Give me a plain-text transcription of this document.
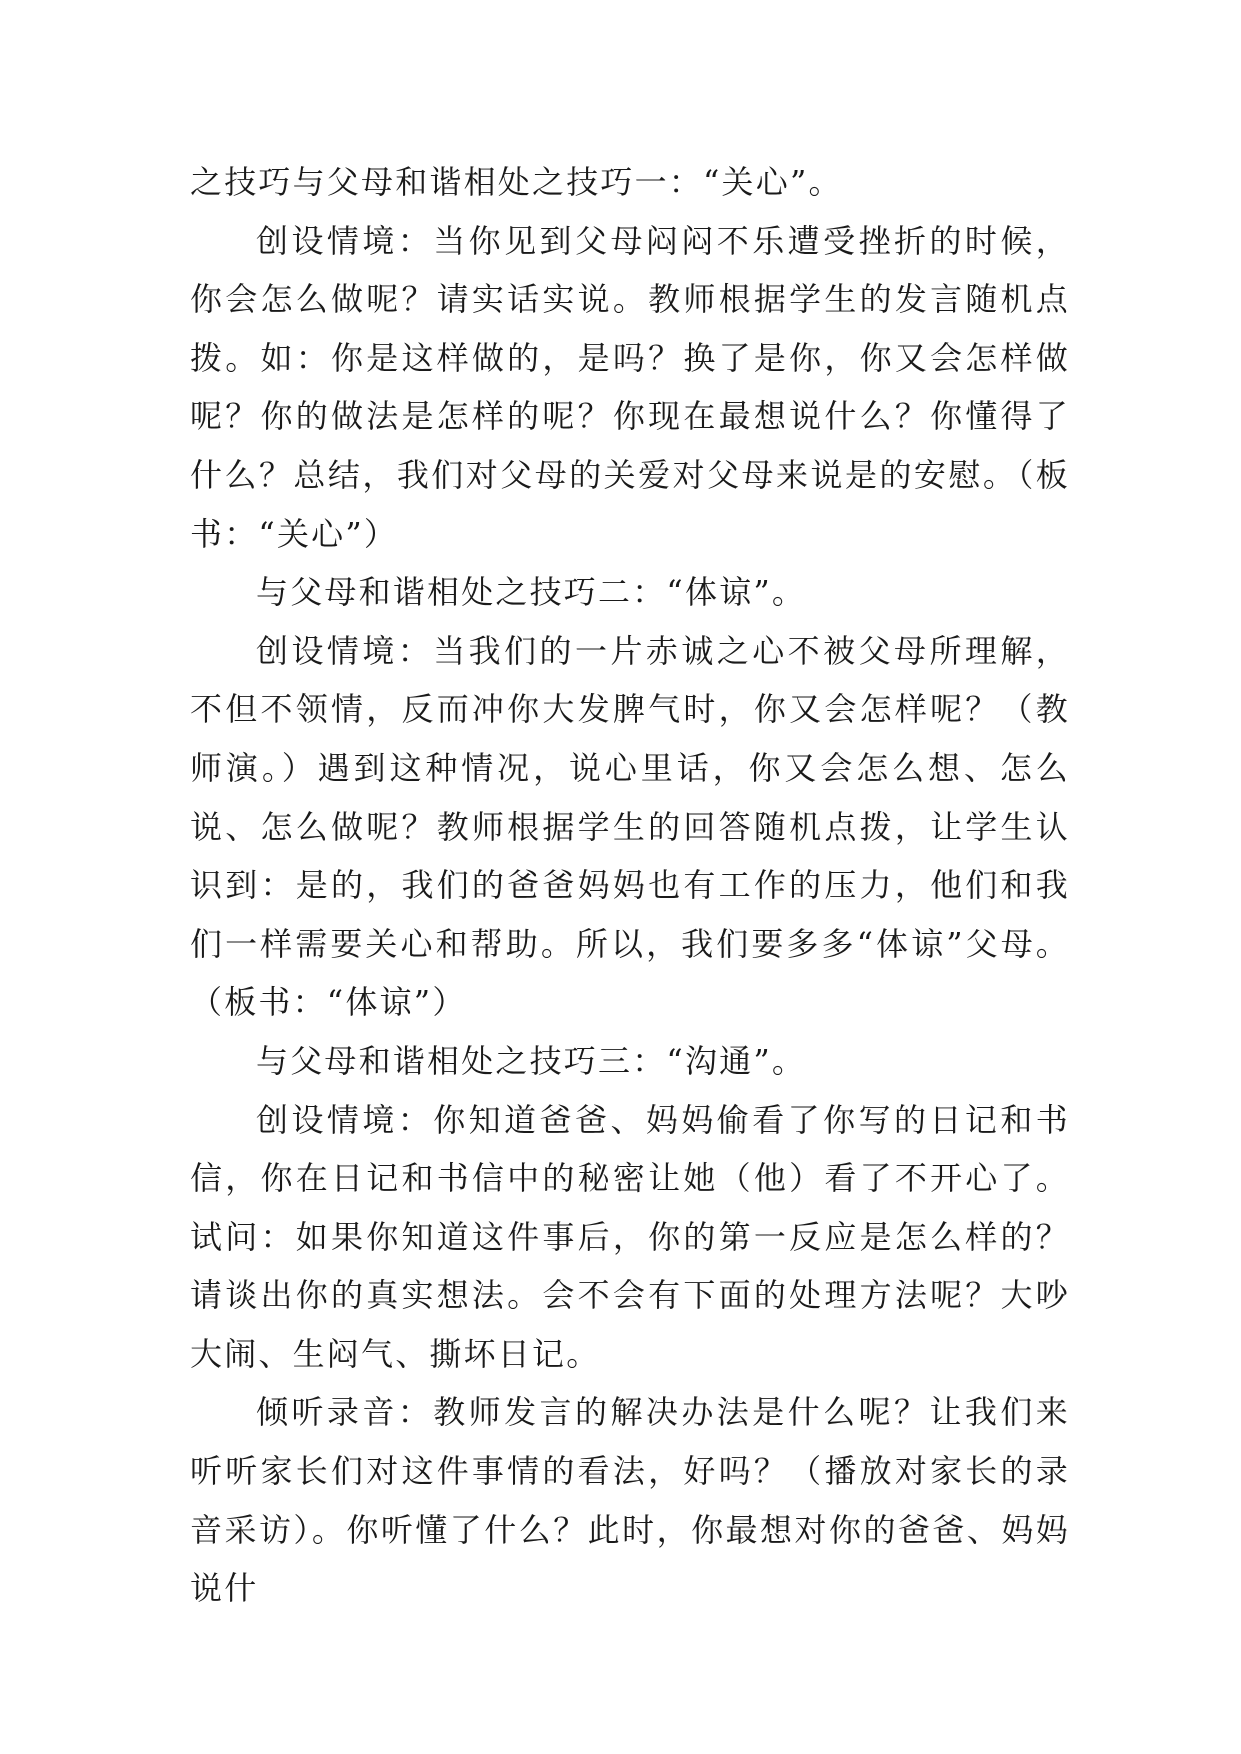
之技巧与父母和谐相处之技巧一：“关心”。

创设情境：当你见到父母闷闷不乐遭受挫折的时候，你会怎么做呢？请实话实说。教师根据学生的发言随机点拨。如：你是这样做的，是吗？换了是你，你又会怎样做呢？你的做法是怎样的呢？你现在最想说什么？你懂得了什么？总结，我们对父母的关爱对父母来说是的安慰。（板书：“关心”）

与父母和谐相处之技巧二：“体谅”。

创设情境：当我们的一片赤诚之心不被父母所理解，不但不领情，反而冲你大发脾气时，你又会怎样呢？（教师演。）遇到这种情况，说心里话，你又会怎么想、怎么说、怎么做呢？教师根据学生的回答随机点拨，让学生认识到：是的，我们的爸爸妈妈也有工作的压力，他们和我们一样需要关心和帮助。所以，我们要多多“体谅”父母。（板书：“体谅”）

与父母和谐相处之技巧三：“沟通”。

创设情境：你知道爸爸、妈妈偷看了你写的日记和书信，你在日记和书信中的秘密让她（他）看了不开心了。试问：如果你知道这件事后，你的第一反应是怎么样的？请谈出你的真实想法。会不会有下面的处理方法呢？大吵大闹、生闷气、撕坏日记。

倾听录音：教师发言的解决办法是什么呢？让我们来听听家长们对这件事情的看法，好吗？（播放对家长的录音采访）。你听懂了什么？此时，你最想对你的爸爸、妈妈说什
